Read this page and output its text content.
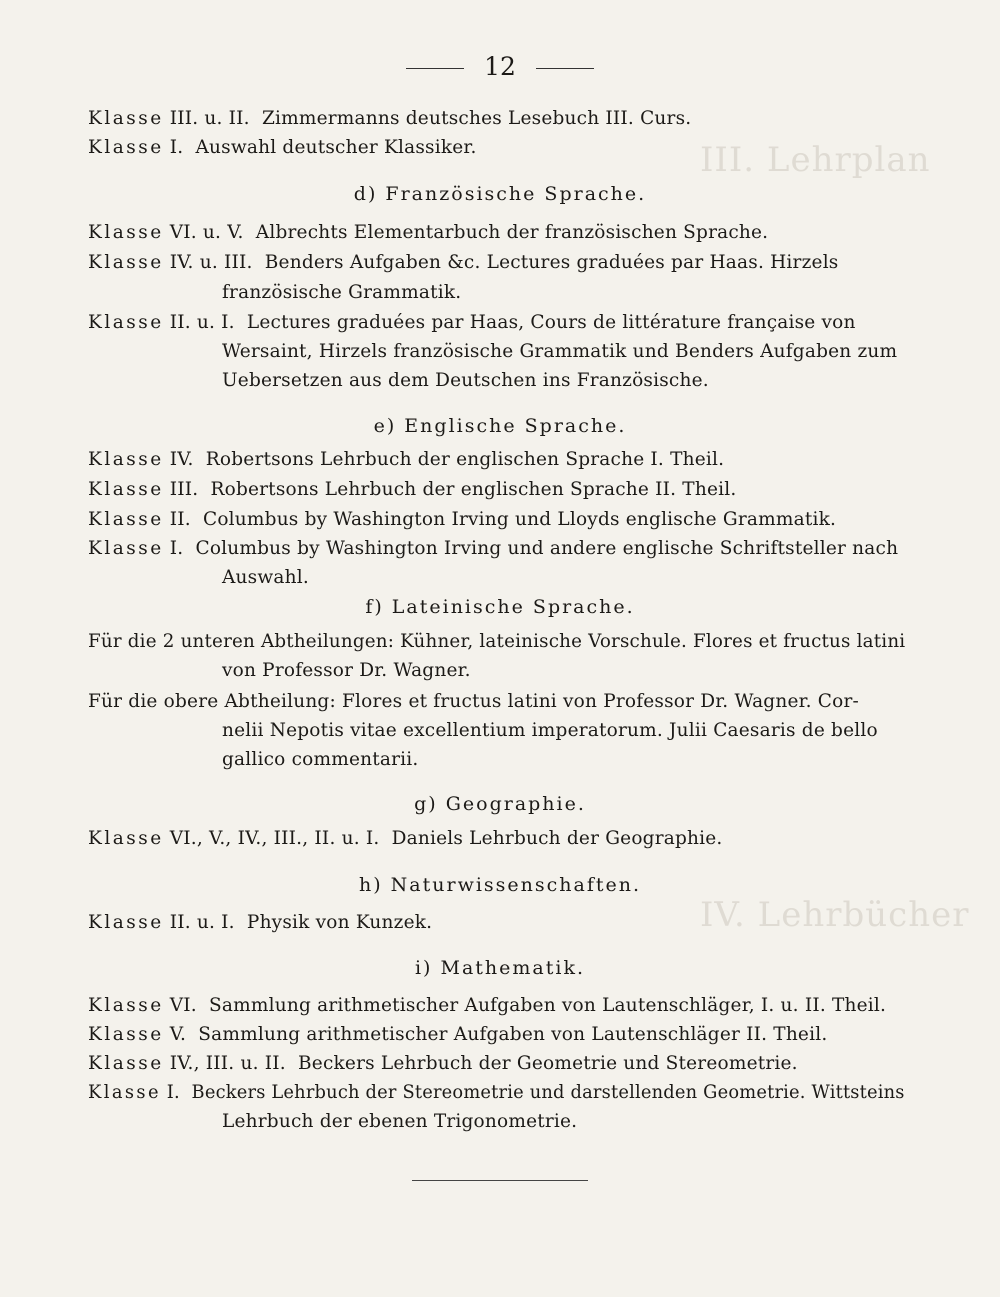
12
III. Lehrplan
IV. Lehrbücher
Klasse III. u. II. Zimmermanns deutsches Lesebuch III. Curs.
Klasse I. Auswahl deutscher Klassiker.
d) Französische Sprache.
Klasse VI. u. V. Albrechts Elementarbuch der französischen Sprache.
Klasse IV. u. III. Benders Aufgaben &c. Lectures graduées par Haas. Hirzels
französische Grammatik.
Klasse II. u. I. Lectures graduées par Haas, Cours de littérature française von
Wersaint, Hirzels französische Grammatik und Benders Aufgaben zum
Uebersetzen aus dem Deutschen ins Französische.
e) Englische Sprache.
Klasse IV. Robertsons Lehrbuch der englischen Sprache I. Theil.
Klasse III. Robertsons Lehrbuch der englischen Sprache II. Theil.
Klasse II. Columbus by Washington Irving und Lloyds englische Grammatik.
Klasse I. Columbus by Washington Irving und andere englische Schriftsteller nach
Auswahl.
f) Lateinische Sprache.
Für die 2 unteren Abtheilungen: Kühner, lateinische Vorschule. Flores et fructus latini
von Professor Dr. Wagner.
Für die obere Abtheilung: Flores et fructus latini von Professor Dr. Wagner. Cor-
nelii Nepotis vitae excellentium imperatorum. Julii Caesaris de bello
gallico commentarii.
g) Geographie.
Klasse VI., V., IV., III., II. u. I. Daniels Lehrbuch der Geographie.
h) Naturwissenschaften.
Klasse II. u. I. Physik von Kunzek.
i) Mathematik.
Klasse VI. Sammlung arithmetischer Aufgaben von Lautenschläger, I. u. II. Theil.
Klasse V. Sammlung arithmetischer Aufgaben von Lautenschläger II. Theil.
Klasse IV., III. u. II. Beckers Lehrbuch der Geometrie und Stereometrie.
Klasse I. Beckers Lehrbuch der Stereometrie und darstellenden Geometrie. Wittsteins
Lehrbuch der ebenen Trigonometrie.
